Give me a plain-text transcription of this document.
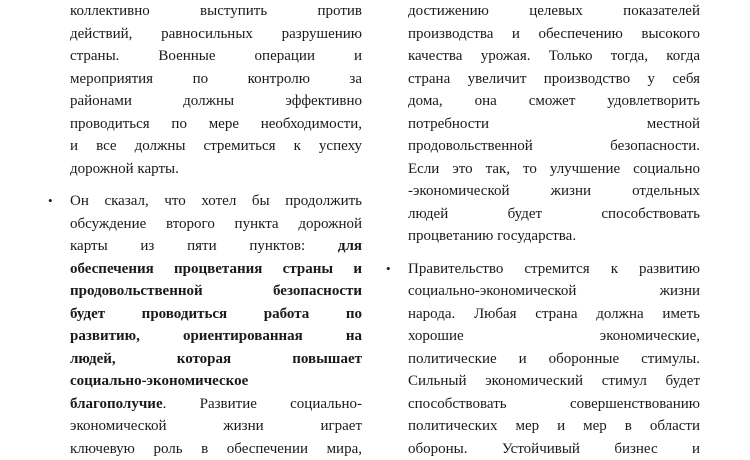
коллективно выступить против
действий, равносильных разрушению
страны. Военные операции и
мероприятия по контролю за
районами должны эффективно
проводиться по мере необходимости,
и все должны стремиться к успеху
дорожной карты.
• Он сказал, что хотел бы продолжить
обсуждение второго пункта дорожной
карты из пяти пунктов: для
обеспечения процветания страны и
продовольственной безопасности
будет проводиться работа по
развитию, ориентированная на
людей, которая повышает
социально-экономическое
благополучие. Развитие социально-
экономической жизни играет
ключевую роль в обеспечении мира,
достижению целевых показателей
производства и обеспечению высокого
качества урожая. Только тогда, когда
страна увеличит производство у себя
дома, она сможет удовлетворить
потребности местной
продовольственной безопасности.
Если это так, то улучшение социально
-экономической жизни отдельных
людей будет способствовать
процветанию государства.
• Правительство стремится к развитию
социально-экономической жизни
народа. Любая страна должна иметь
хорошие экономические,
политические и оборонные стимулы.
Сильный экономический стимул будет
способствовать совершенствованию
политических мер и мер в области
обороны. Устойчивый бизнес и
